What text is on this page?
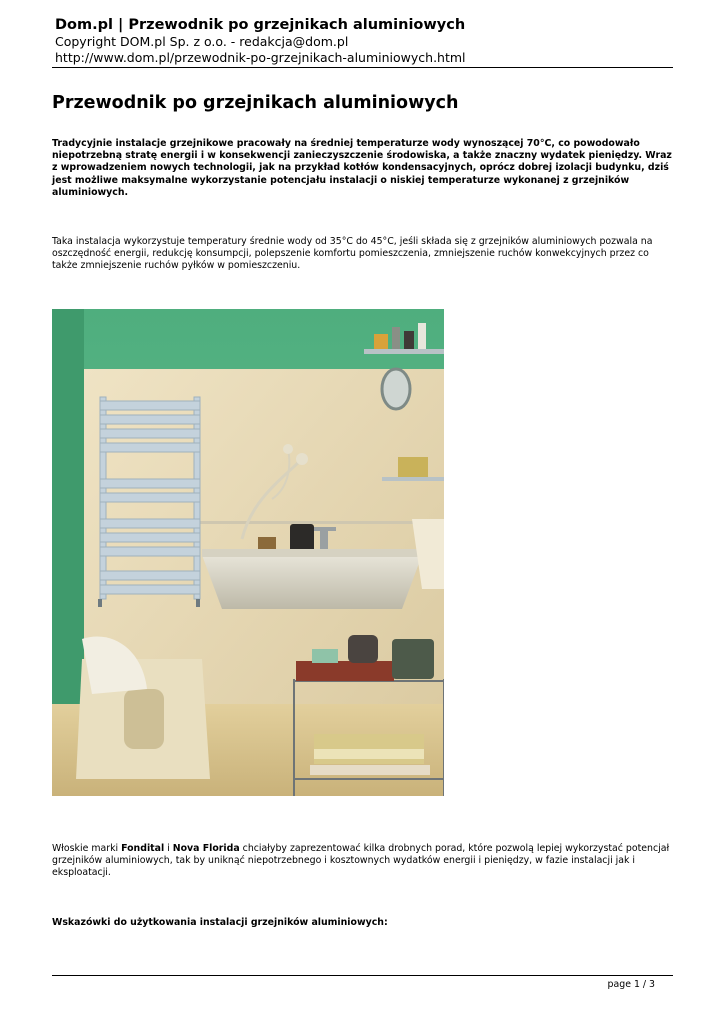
Dom.pl | Przewodnik po grzejnikach aluminiowych
Copyright DOM.pl Sp. z o.o. - redakcja@dom.pl
http://www.dom.pl/przewodnik-po-grzejnikach-aluminiowych.html
Przewodnik po grzejnikach aluminiowych

Tradycyjnie instalacje grzejnikowe pracowały na średniej temperaturze wody wynoszącej 70°C, co powodowało niepotrzebną stratę energii i w konsekwencji zanieczyszczenie środowiska, a także znaczny wydatek pieniędzy. Wraz z wprowadzeniem nowych technologii, jak na przykład kotłów kondensacyjnych, oprócz dobrej izolacji budynku, dziś jest możliwe maksymalne wykorzystanie potencjału instalacji o niskiej temperaturze wykonanej z grzejników aluminiowych.

Taka instalacja wykorzystuje temperatury średnie wody od 35°C do 45°C, jeśli składa się z grzejników aluminiowych pozwala na oszczędność energii, redukcję konsumpcji, polepszenie komfortu pomieszczenia, zmniejszenie ruchów konwekcyjnych przez co także zmniejszenie ruchów pyłków w pomieszczeniu.

Włoskie marki Fondital i Nova Florida chciałyby zaprezentować kilka drobnych porad, które pozwolą lepiej wykorzystać potencjał grzejników aluminiowych, tak by uniknąć niepotrzebnego i kosztownych wydatków energii i pieniędzy, w fazie instalacji jak i eksploatacji.

Wskazówki do użytkowania instalacji grzejników aluminiowych:

page 1 / 3
